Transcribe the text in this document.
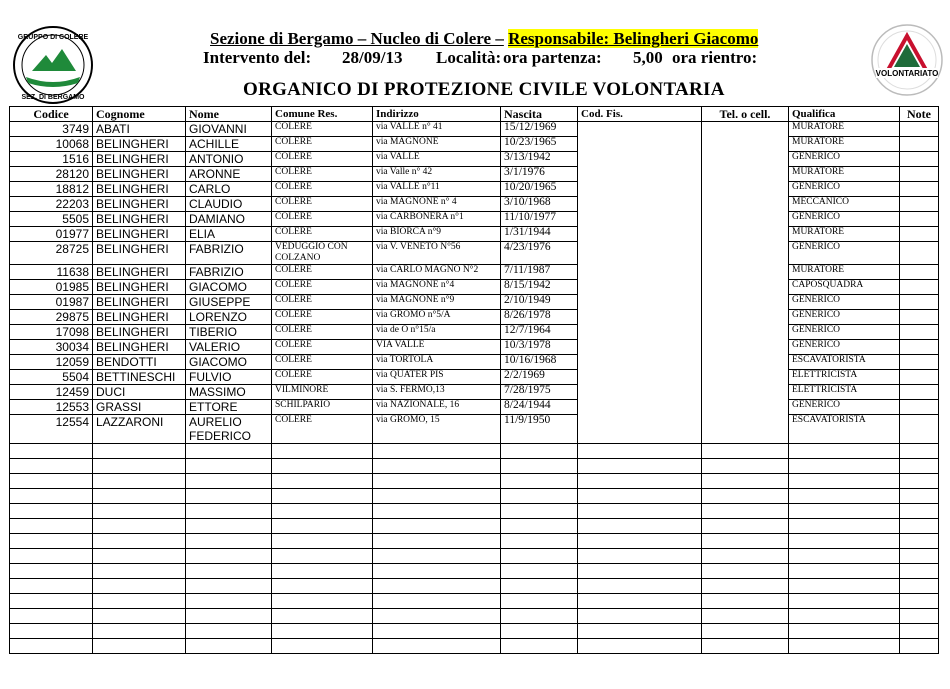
GRUPPO DI COLERE
SEZ. DI BERGAMO
ALPINI	VOLONTARIATO
Sezione di Bergamo – Nucleo di Colere – Responsabile: Belingheri Giacomo
Intervento del: 28/09/13 Località: ora partenza: 5,00 ora rientro:
ORGANICO DI PROTEZIONE CIVILE VOLONTARIA
Codice	Cognome	Nome	Comune Res.	Indirizzo	Nascita	Cod. Fis.	Tel. o cell.	Qualifica	Note
3749	ABATI	GIOVANNI	COLERE	via VALLE n° 41	15/12/1969			MURATORE	
10068	BELINGHERI	ACHILLE	COLERE	via MAGNONE	10/23/1965			MURATORE	
1516	BELINGHERI	ANTONIO	COLERE	via VALLE	3/13/1942			GENERICO	
28120	BELINGHERI	ARONNE	COLERE	via Valle n° 42	3/1/1976			MURATORE	
18812	BELINGHERI	CARLO	COLERE	via VALLE n°11	10/20/1965			GENERICO	
22203	BELINGHERI	CLAUDIO	COLERE	via MAGNONE n° 4	3/10/1968			MECCANICO	
5505	BELINGHERI	DAMIANO	COLERE	via CARBONERA n°1	11/10/1977			GENERICO	
01977	BELINGHERI	ELIA	COLERE	via BIORCA n°9	1/31/1944			MURATORE	
28725	BELINGHERI	FABRIZIO	VEDUGGIO CON COLZANO	via V. VENETO N°56	4/23/1976			GENERICO	
11638	BELINGHERI	FABRIZIO	COLERE	via CARLO MAGNO N°2	7/11/1987			MURATORE	
01985	BELINGHERI	GIACOMO	COLERE	via MAGNONE n°4	8/15/1942			CAPOSQUADRA	
01987	BELINGHERI	GIUSEPPE	COLERE	via MAGNONE n°9	2/10/1949			GENERICO	
29875	BELINGHERI	LORENZO	COLERE	via GROMO n°5/A	8/26/1978			GENERICO	
17098	BELINGHERI	TIBERIO	COLERE	via de O n°15/a	12/7/1964			GENERICO	
30034	BELINGHERI	VALERIO	COLERE	VIA VALLE	10/3/1978			GENERICO	
12059	BENDOTTI	GIACOMO	COLERE	via TORTOLA	10/16/1968			ESCAVATORISTA	
5504	BETTINESCHI	FULVIO	COLERE	via QUATER PIS	2/2/1969			ELETTRICISTA	
12459	DUCI	MASSIMO	VILMINORE	via S. FERMO,13	7/28/1975			ELETTRICISTA	
12553	GRASSI	ETTORE	SCHILPARIO	via NAZIONALE, 16	8/24/1944			GENERICO	
12554	LAZZARONI	AURELIO FEDERICO	COLERE	via GROMO, 15	11/9/1950			ESCAVATORISTA	
